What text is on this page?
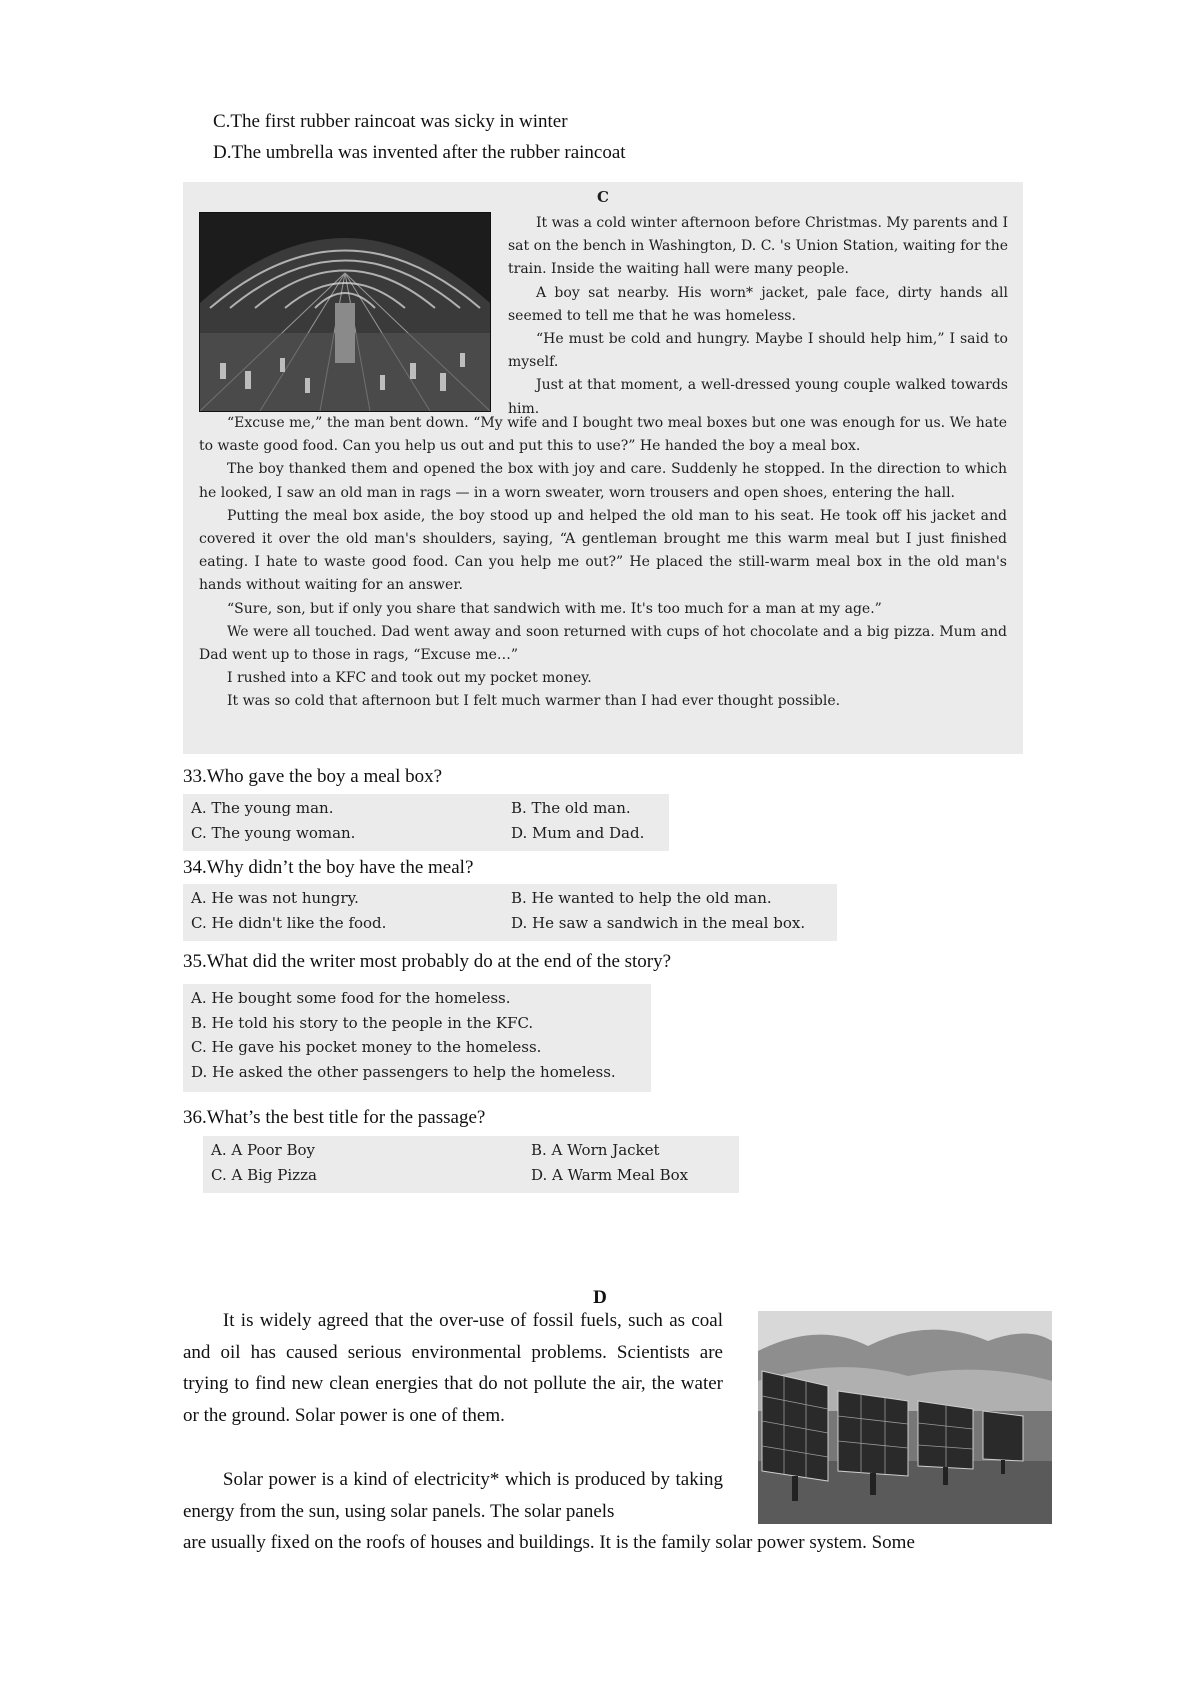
C.The first rubber raincoat was sicky in winter
D.The umbrella was invented after the rubber raincoat
C
It was a cold winter afternoon before Christmas. My parents and I sat on the bench in Washington, D. C. 's Union Station, waiting for the train. Inside the waiting hall were many people.
A boy sat nearby. His worn* jacket, pale face, dirty hands all seemed to tell me that he was homeless.
“He must be cold and hungry. Maybe I should help him,” I said to myself.
Just at that moment, a well-dressed young couple walked towards him.
“Excuse me,” the man bent down. “My wife and I bought two meal boxes but one was enough for us. We hate to waste good food. Can you help us out and put this to use?” He handed the boy a meal box.
The boy thanked them and opened the box with joy and care. Suddenly he stopped. In the direction to which he looked, I saw an old man in rags — in a worn sweater, worn trousers and open shoes, entering the hall.
Putting the meal box aside, the boy stood up and helped the old man to his seat. He took off his jacket and covered it over the old man's shoulders, saying, “A gentleman brought me this warm meal but I just finished eating. I hate to waste good food. Can you help me out?” He placed the still-warm meal box in the old man's hands without waiting for an answer.
“Sure, son, but if only you share that sandwich with me. It's too much for a man at my age.”
We were all touched. Dad went away and soon returned with cups of hot chocolate and a big pizza. Mum and Dad went up to those in rags, “Excuse me…”
I rushed into a KFC and took out my pocket money.
It was so cold that afternoon but I felt much warmer than I had ever thought possible.
33.Who gave the boy a meal box?
A. The young man.	B. The old man.
C. The young woman.	D. Mum and Dad.
34.Why didn’t the boy have the meal?
A. He was not hungry.	B. He wanted to help the old man.
C. He didn't like the food.	D. He saw a sandwich in the meal box.
35.What did the writer most probably do at the end of the story?
A. He bought some food for the homeless.
B. He told his story to the people in the KFC.
C. He gave his pocket money to the homeless.
D. He asked the other passengers to help the homeless.
36.What’s the best title for the passage?
A. A Poor Boy	B. A Worn Jacket
C. A Big Pizza	D. A Warm Meal Box
D
It is widely agreed that the over-use of fossil fuels, such as coal and oil has caused serious environmental problems. Scientists are trying to find new clean energies that do not pollute the air, the water or the ground. Solar power is one of them.
Solar power is a kind of electricity* which is produced by taking energy from the sun, using solar panels. The solar panels
are usually fixed on the roofs of houses and buildings. It is the family solar power system. Some
